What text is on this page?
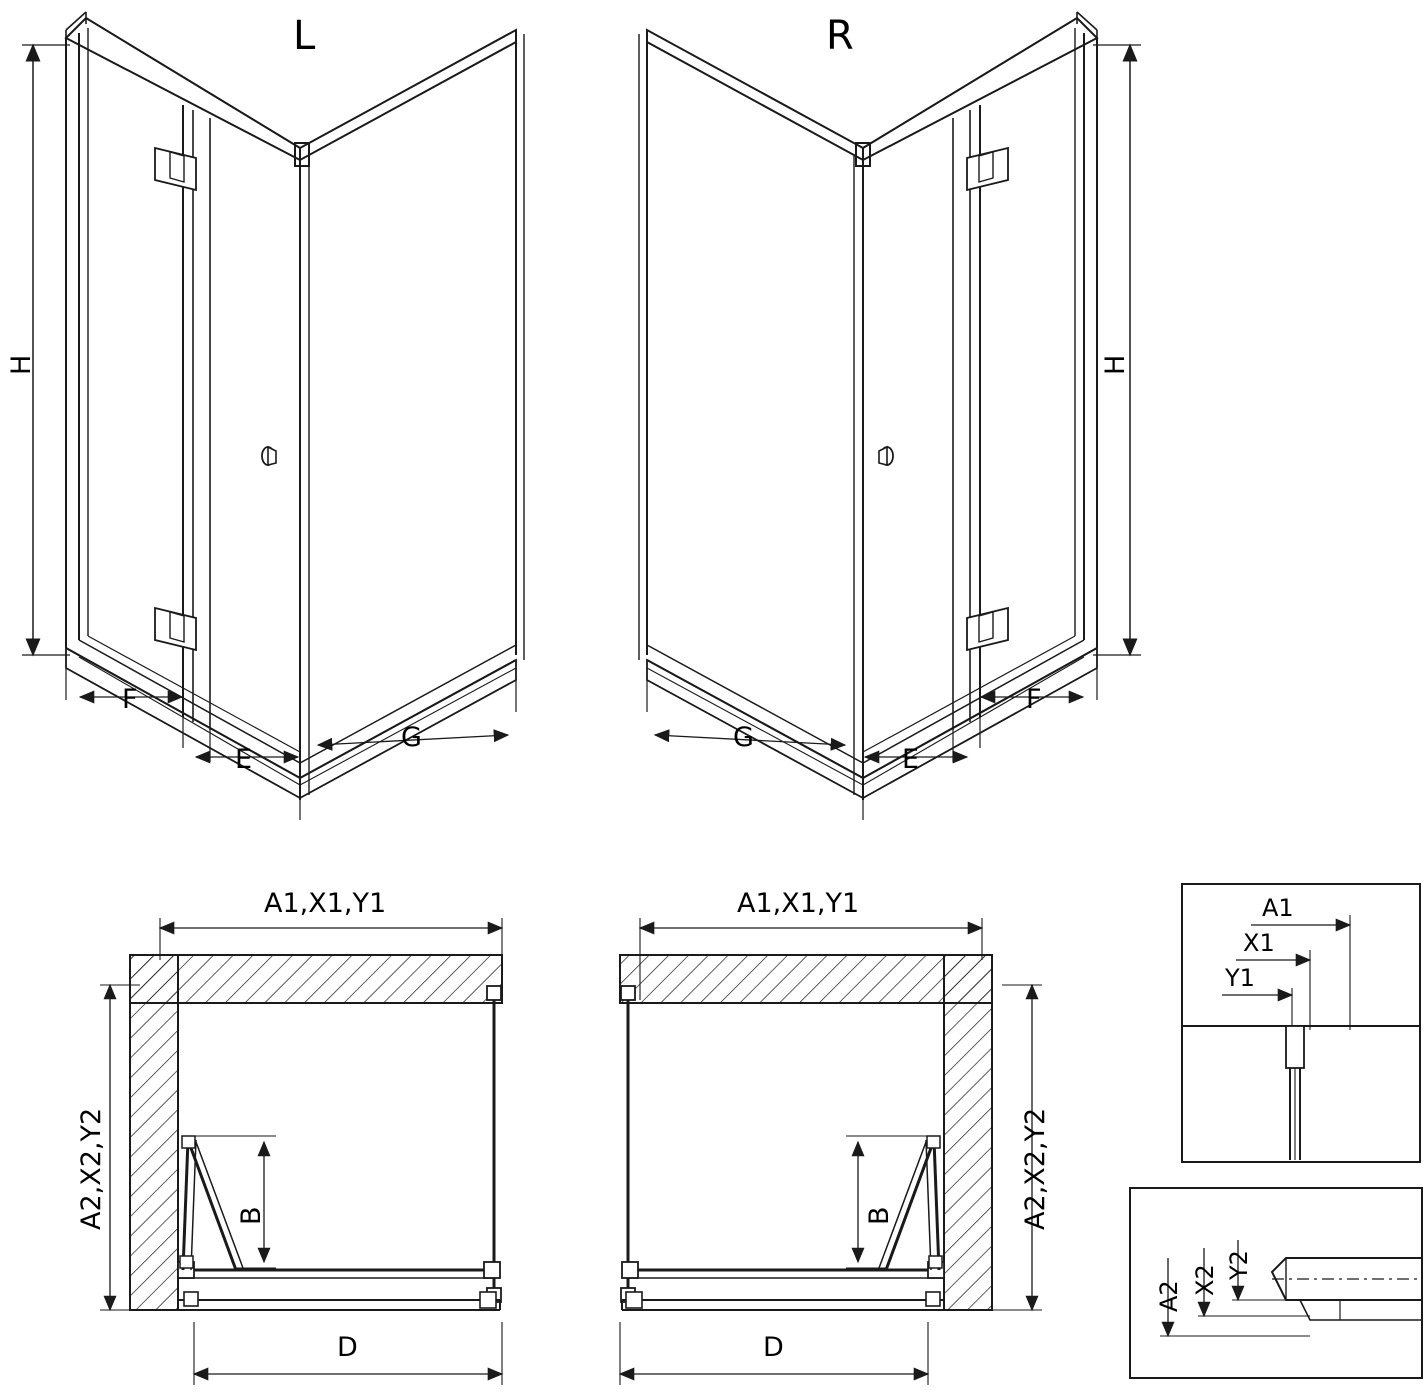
L	R
H	H
F
E
G
F
E
G
A1,X1,Y1	A1,X1,Y1
A2,X2,Y2	A2,X2,Y2
B	B
D	D
A1
X1
Y1
A2
X2 Y2
